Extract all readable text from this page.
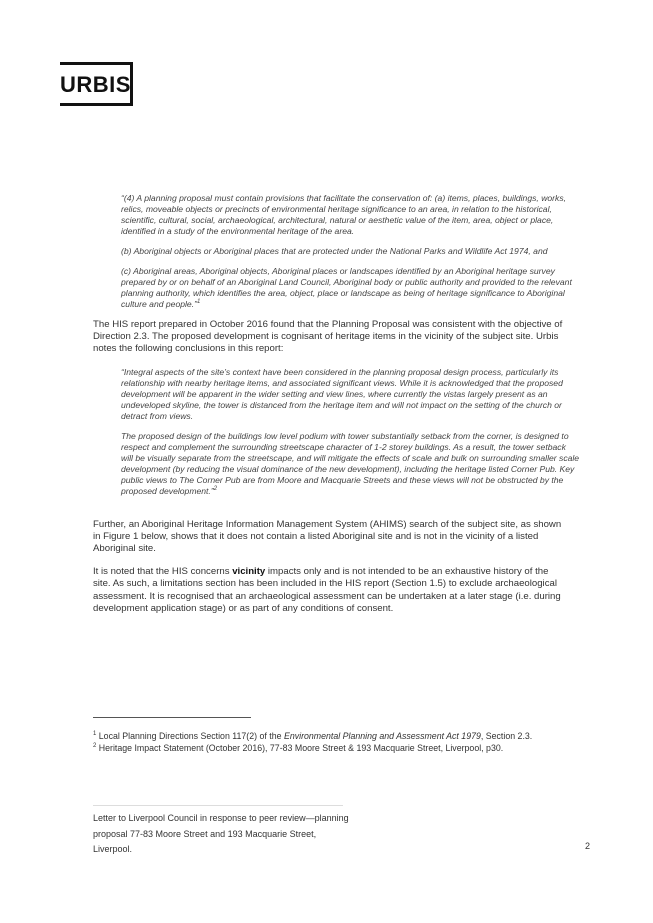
URBIS

“(4) A planning proposal must contain provisions that facilitate the conservation of: (a) items, places, buildings, works, relics, moveable objects or precincts of environmental heritage significance to an area, in relation to the historical, scientific, cultural, social, archaeological, architectural, natural or aesthetic value of the item, area, object or place, identified in a study of the environmental heritage of the area.

(b) Aboriginal objects or Aboriginal places that are protected under the National Parks and Wildlife Act 1974, and

(c) Aboriginal areas, Aboriginal objects, Aboriginal places or landscapes identified by an Aboriginal heritage survey prepared by or on behalf of an Aboriginal Land Council, Aboriginal body or public authority and provided to the relevant planning authority, which identifies the area, object, place or landscape as being of heritage significance to Aboriginal culture and people.”$^1$

The HIS report prepared in October 2016 found that the Planning Proposal was consistent with the objective of Direction 2.3. The proposed development is cognisant of heritage items in the vicinity of the subject site. Urbis notes the following conclusions in this report:

“Integral aspects of the site’s context have been considered in the planning proposal design process, particularly its relationship with nearby heritage items, and associated significant views. While it is acknowledged that the proposed development will be apparent in the wider setting and view lines, where currently the vistas largely present as an undeveloped skyline, the tower is distanced from the heritage item and will not impact on the setting of the church or detract from views.

The proposed design of the buildings low level podium with tower substantially setback from the corner, is designed to respect and complement the surrounding streetscape character of 1-2 storey buildings. As a result, the tower setback will be visually separate from the streetscape, and will mitigate the effects of scale and bulk on surrounding smaller scale development (by reducing the visual dominance of the new development), including the heritage listed Corner Pub. Key public views to The Corner Pub are from Moore and Macquarie Streets and these views will not be obstructed by the proposed development.”$^2$

Further, an Aboriginal Heritage Information Management System (AHIMS) search of the subject site, as shown in Figure 1 below, shows that it does not contain a listed Aboriginal site and is not in the vicinity of a listed Aboriginal site.

It is noted that the HIS concerns vicinity impacts only and is not intended to be an exhaustive history of the site. As such, a limitations section has been included in the HIS report (Section 1.5) to exclude archaeological assessment. It is recognised that an archaeological assessment can be undertaken at a later stage (i.e. during development application stage) or as part of any conditions of consent.

$^1$ Local Planning Directions Section 117(2) of the Environmental Planning and Assessment Act 1979, Section 2.3.

$^2$ Heritage Impact Statement (October 2016), 77-83 Moore Street & 193 Macquarie Street, Liverpool, p30.

Letter to Liverpool Council in response to peer review—planning proposal 77-83 Moore Street and 193 Macquarie Street, Liverpool.	2
